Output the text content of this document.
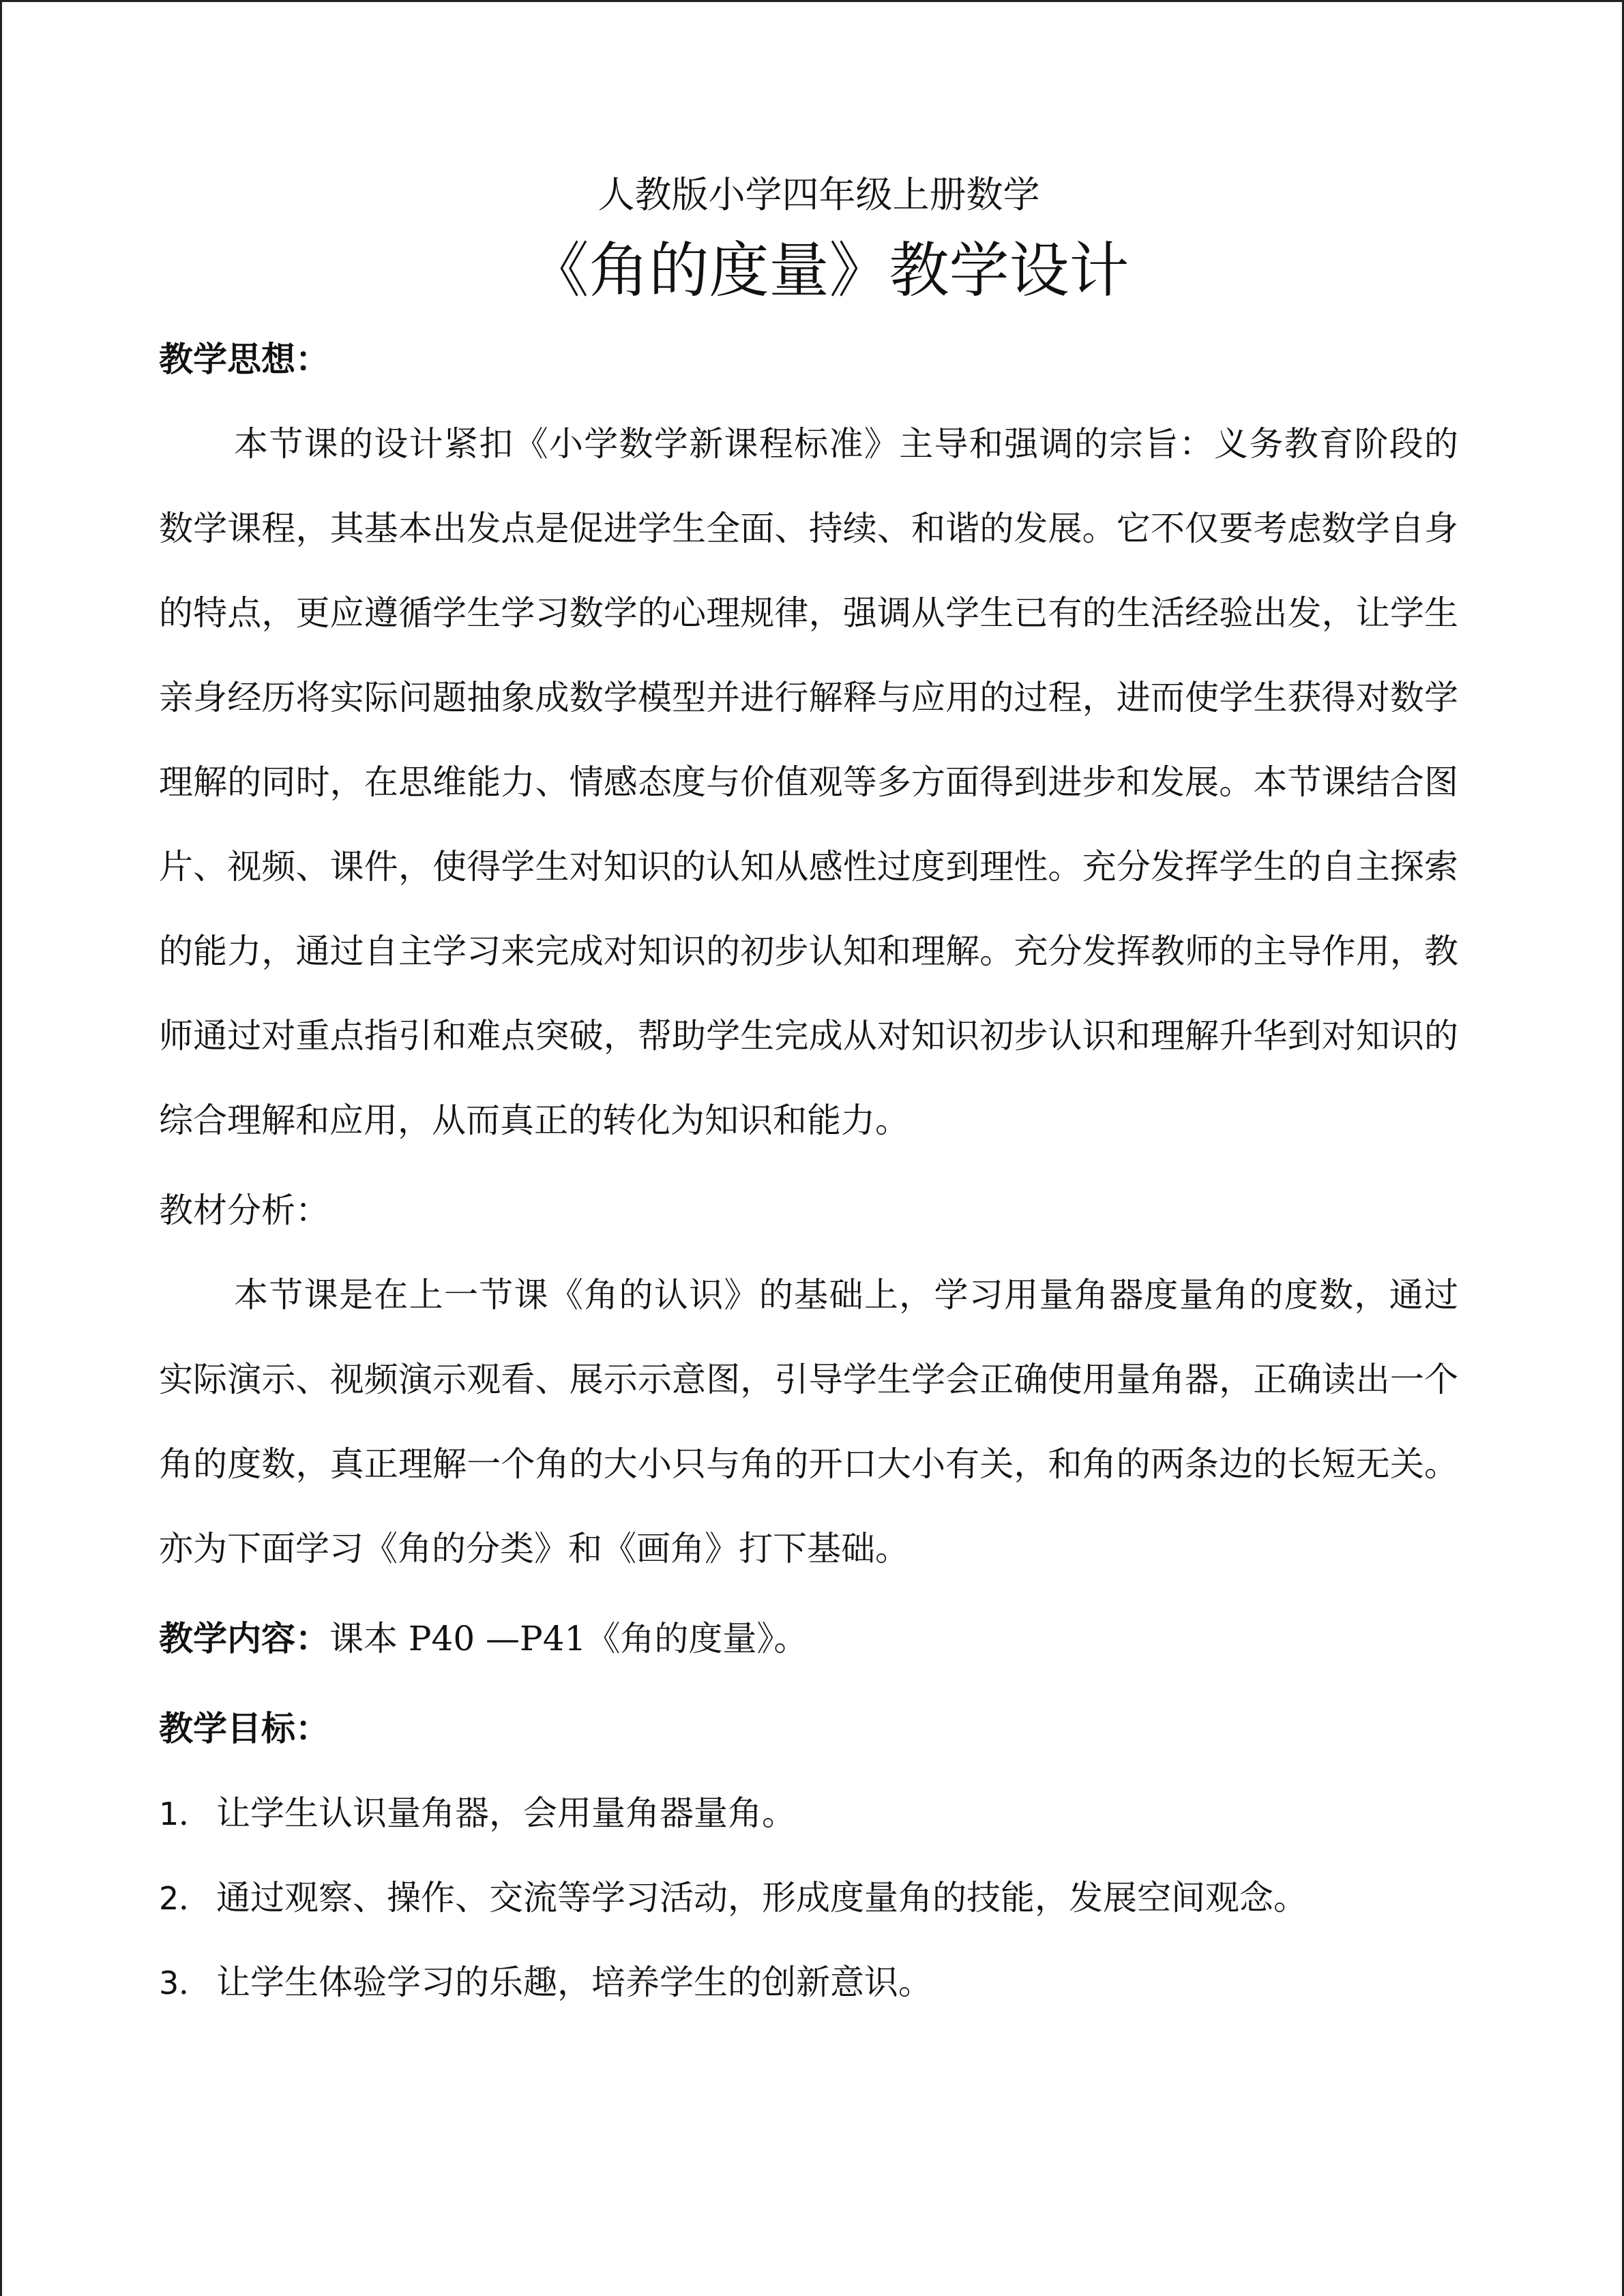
人教版小学四年级上册数学

《角的度量》教学设计
教学思想：

本节课的设计紧扣《小学数学新课程标准》主导和强调的宗旨：义务教育阶段的数学课程，其基本出发点是促进学生全面、持续、和谐的发展。它不仅要考虑数学自身的特点，更应遵循学生学习数学的心理规律，强调从学生已有的生活经验出发，让学生亲身经历将实际问题抽象成数学模型并进行解释与应用的过程，进而使学生获得对数学理解的同时，在思维能力、情感态度与价值观等多方面得到进步和发展。本节课结合图片、视频、课件，使得学生对知识的认知从感性过度到理性。充分发挥学生的自主探索的能力，通过自主学习来完成对知识的初步认知和理解。充分发挥教师的主导作用，教师通过对重点指引和难点突破，帮助学生完成从对知识初步认识和理解升华到对知识的综合理解和应用，从而真正的转化为知识和能力。

教材分析：

本节课是在上一节课《角的认识》的基础上，学习用量角器度量角的度数，通过实际演示、视频演示观看、展示示意图，引导学生学会正确使用量角器，正确读出一个角的度数，真正理解一个角的大小只与角的开口大小有关，和角的两条边的长短无关。亦为下面学习《角的分类》和《画角》打下基础。

教学内容： 课本 P40 —P41《角的度量》。
教学目标：

1． 让学生认识量角器，会用量角器量角。

2． 通过观察、操作、交流等学习活动，形成度量角的技能，发展空间观念。

3． 让学生体验学习的乐趣，培养学生的创新意识。
